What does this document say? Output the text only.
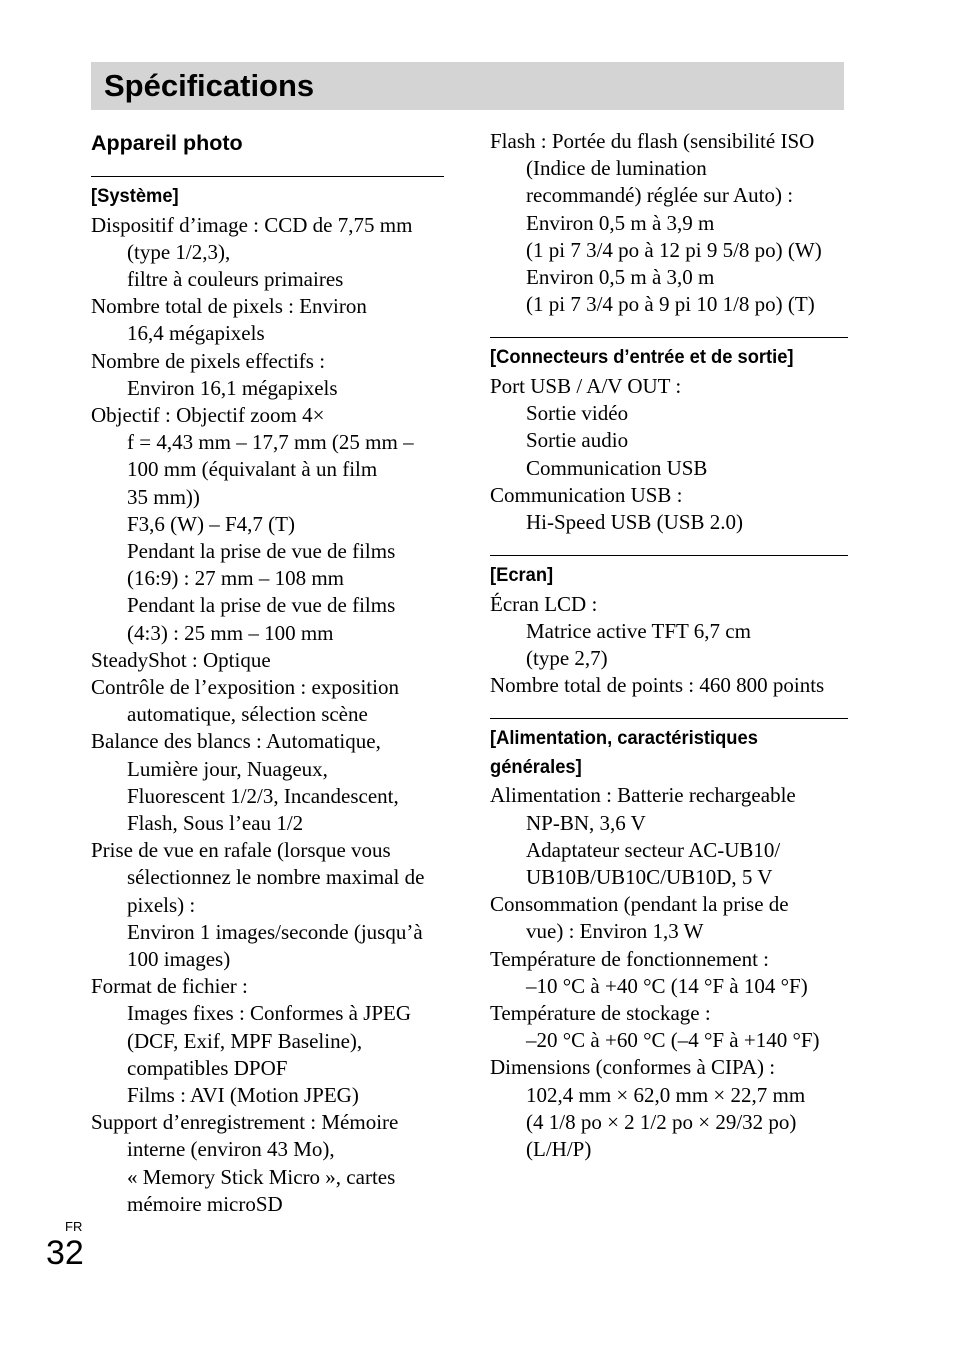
Spécifications
Appareil photo
[Système]
Dispositif d’image : CCD de 7,75 mm
(type 1/2,3),
filtre à couleurs primaires
Nombre total de pixels : Environ
16,4 mégapixels
Nombre de pixels effectifs :
Environ 16,1 mégapixels
Objectif : Objectif zoom 4×
f = 4,43 mm – 17,7 mm (25 mm –
100 mm (équivalant à un film
35 mm))
F3,6 (W) – F4,7 (T)
Pendant la prise de vue de films
(16:9) : 27 mm – 108 mm
Pendant la prise de vue de films
(4:3) : 25 mm – 100 mm
SteadyShot : Optique
Contrôle de l’exposition : exposition
automatique, sélection scène
Balance des blancs : Automatique,
Lumière jour, Nuageux,
Fluorescent 1/2/3, Incandescent,
Flash, Sous l’eau 1/2
Prise de vue en rafale (lorsque vous
sélectionnez le nombre maximal de
pixels) :
Environ 1 images/seconde (jusqu’à
100 images)
Format de fichier :
Images fixes : Conformes à JPEG
(DCF, Exif, MPF Baseline),
compatibles DPOF
Films : AVI (Motion JPEG)
Support d’enregistrement : Mémoire
interne (environ 43 Mo),
« Memory Stick Micro », cartes
mémoire microSD
Flash : Portée du flash (sensibilité ISO
(Indice de lumination
recommandé) réglée sur Auto) :
Environ 0,5 m à 3,9 m
(1 pi 7 3/4 po à 12 pi 9 5/8 po) (W)
Environ 0,5 m à 3,0 m
(1 pi 7 3/4 po à 9 pi 10 1/8 po) (T)
[Connecteurs d’entrée et de sortie]
Port USB / A/V OUT :
Sortie vidéo
Sortie audio
Communication USB
Communication USB :
Hi-Speed USB (USB 2.0)
[Ecran]
Écran LCD :
Matrice active TFT 6,7 cm
(type 2,7)
Nombre total de points : 460 800 points
[Alimentation, caractéristiques
générales]
Alimentation : Batterie rechargeable
NP-BN, 3,6 V
Adaptateur secteur AC-UB10/
UB10B/UB10C/UB10D, 5 V
Consommation (pendant la prise de
vue) : Environ 1,3 W
Température de fonctionnement :
–10 °C à +40 °C (14 °F à 104 °F)
Température de stockage :
–20 °C à +60 °C (–4 °F à +140 °F)
Dimensions (conformes à CIPA) :
102,4 mm × 62,0 mm × 22,7 mm
(4 1/8 po × 2 1/2 po × 29/32 po)
(L/H/P)
FR
32
